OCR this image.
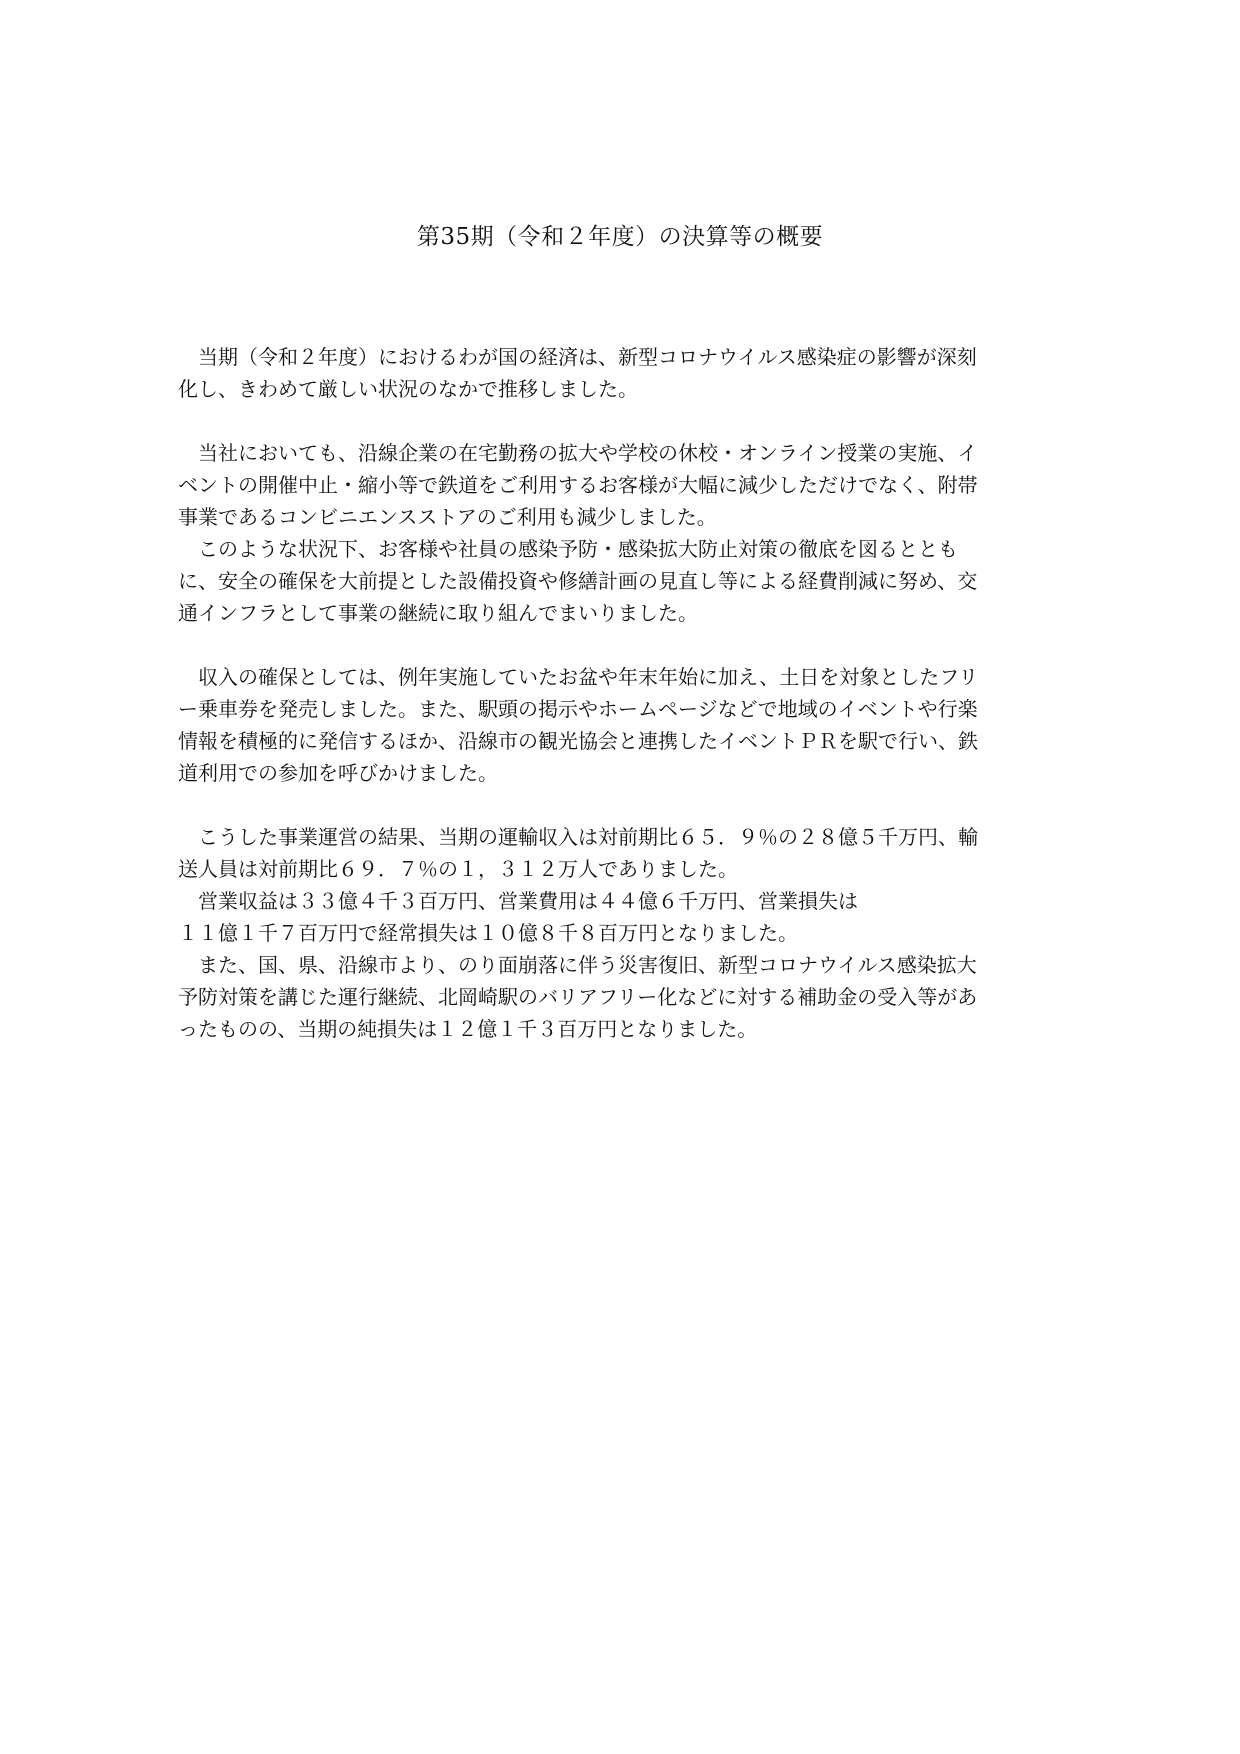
第35期（令和２年度）の決算等の概要
　当期（令和２年度）におけるわが国の経済は、新型コロナウイルス感染症の影響が深刻
化し、きわめて厳しい状況のなかで推移しました。
　当社においても、沿線企業の在宅勤務の拡大や学校の休校・オンライン授業の実施、イ
ベントの開催中止・縮小等で鉄道をご利用するお客様が大幅に減少しただけでなく、附帯
事業であるコンビニエンスストアのご利用も減少しました。
　このような状況下、お客様や社員の感染予防・感染拡大防止対策の徹底を図るととも
に、安全の確保を大前提とした設備投資や修繕計画の見直し等による経費削減に努め、交
通インフラとして事業の継続に取り組んでまいりました。
　収入の確保としては、例年実施していたお盆や年末年始に加え、土日を対象としたフリ
ー乗車券を発売しました。また、駅頭の掲示やホームページなどで地域のイベントや行楽
情報を積極的に発信するほか、沿線市の観光協会と連携したイベントＰＲを駅で行い、鉄
道利用での参加を呼びかけました。
　こうした事業運営の結果、当期の運輸収入は対前期比６５．９％の２８億５千万円、輸
送人員は対前期比６９．７％の１，３１２万人でありました。
　営業収益は３３億４千３百万円、営業費用は４４億６千万円、営業損失は
１１億１千７百万円で経常損失は１０億８千８百万円となりました。
　また、国、県、沿線市より、のり面崩落に伴う災害復旧、新型コロナウイルス感染拡大
予防対策を講じた運行継続、北岡崎駅のバリアフリー化などに対する補助金の受入等があ
ったものの、当期の純損失は１２億１千３百万円となりました。
